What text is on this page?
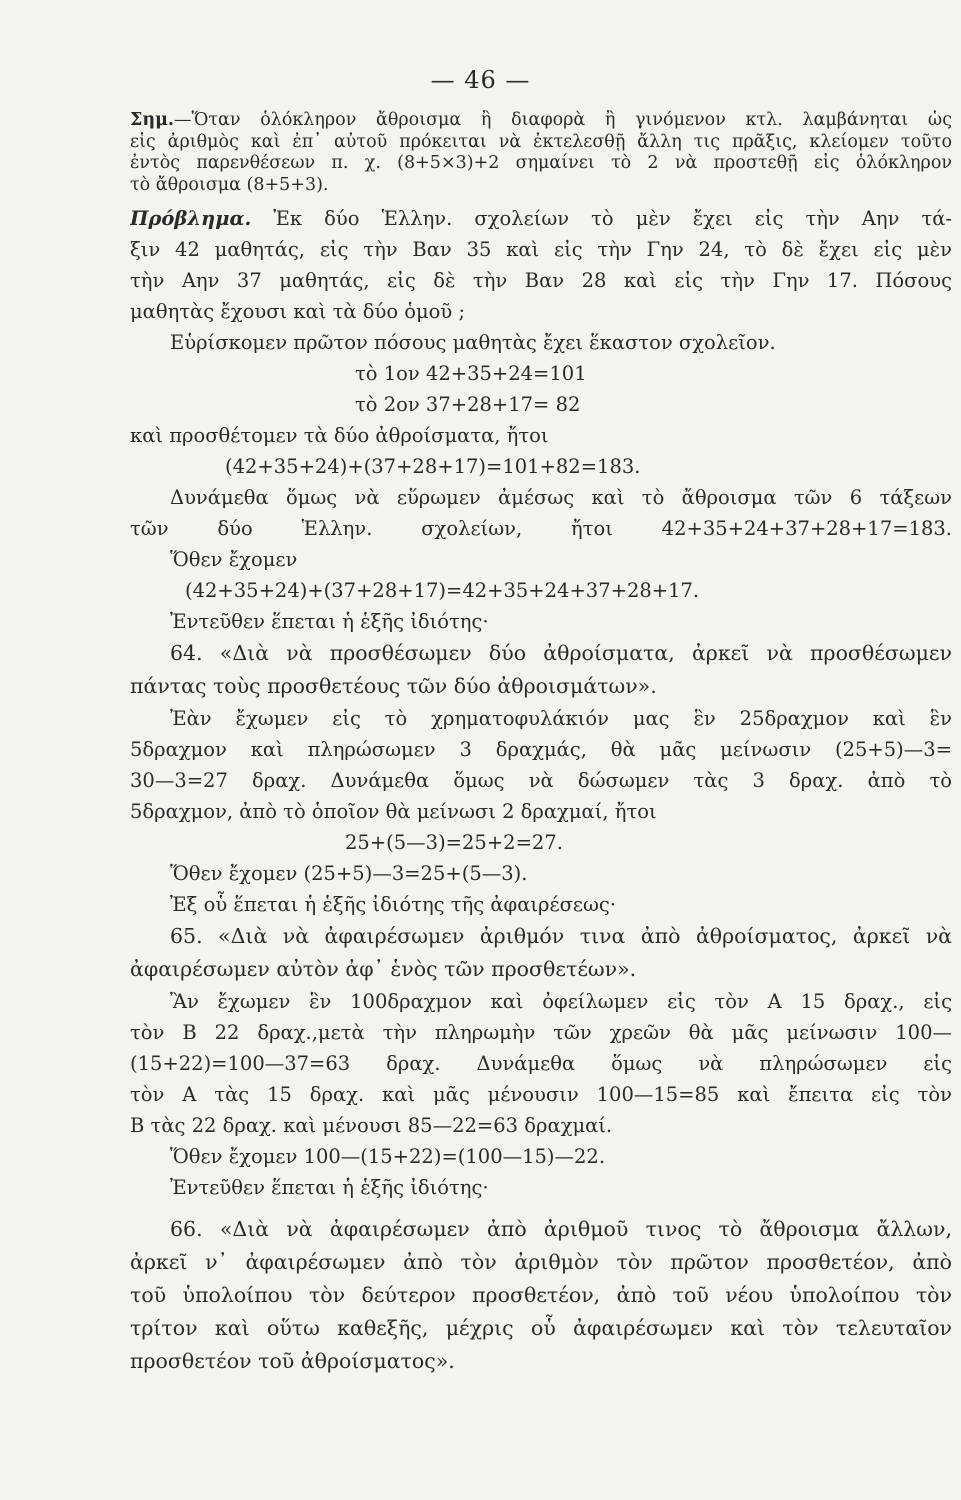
— 46 —
Σημ.—Ὅταν ὁλόκληρον ἄθροισμα ἢ διαφορὰ ἢ γινόμενον κτλ. λαμβάνηται ὡς
εἷς ἀριθμὸς καὶ ἐπ᾽ αὐτοῦ πρόκειται νὰ ἐκτελεσθῇ ἄλλη τις πρᾶξις, κλείομεν τοῦτο
ἐντὸς παρενθέσεων π. χ. (8+5×3)+2 σημαίνει τὸ 2 νὰ προστεθῇ εἰς ὁλόκληρον
τὸ ἄθροισμα (8+5+3).
Πρόβλημα. Ἐκ δύο Ἑλλην. σχολείων τὸ μὲν ἔχει εἰς τὴν Αην τά-
ξιν 42 μαθητάς, εἰς τὴν Βαν 35 καὶ εἰς τὴν Γην 24, τὸ δὲ ἔχει εἰς μὲν
τὴν Αην 37 μαθητάς, εἰς δὲ τὴν Βαν 28 καὶ εἰς τὴν Γην 17. Πόσους
μαθητὰς ἔχουσι καὶ τὰ δύο ὁμοῦ ;
Εὑρίσκομεν πρῶτον πόσους μαθητὰς ἔχει ἕκαστον σχολεῖον.
τὸ 1ον 42+35+24=101
τὸ 2ον 37+28+17= 82
καὶ προσθέτομεν τὰ δύο ἀθροίσματα, ἤτοι
(42+35+24)+(37+28+17)=101+82=183.
Δυνάμεθα ὅμως νὰ εὕρωμεν ἀμέσως καὶ τὸ ἄθροισμα τῶν 6 τάξεων
τῶν δύο Ἑλλην. σχολείων, ἤτοι 42+35+24+37+28+17=183.
Ὅθεν ἔχομεν
(42+35+24)+(37+28+17)=42+35+24+37+28+17.
Ἐντεῦθεν ἕπεται ἡ ἑξῆς ἰδιότης·
64. «Διὰ νὰ προσθέσωμεν δύο ἀθροίσματα, ἀρκεῖ νὰ προσθέσωμεν
πάντας τοὺς προσθετέους τῶν δύο ἀθροισμάτων».
Ἐὰν ἔχωμεν εἰς τὸ χρηματοφυλάκιόν μας ἓν 25δραχμον καὶ ἓν
5δραχμον καὶ πληρώσωμεν 3 δραχμάς, θὰ μᾶς μείνωσιν (25+5)—3=
30—3=27 δραχ. Δυνάμεθα ὅμως νὰ δώσωμεν τὰς 3 δραχ. ἀπὸ τὸ
5δραχμον, ἀπὸ τὸ ὁποῖον θὰ μείνωσι 2 δραχμαί, ἤτοι
25+(5—3)=25+2=27.
Ὅθεν ἔχομεν (25+5)—3=25+(5—3).
Ἐξ οὗ ἕπεται ἡ ἑξῆς ἰδιότης τῆς ἀφαιρέσεως·
65. «Διὰ νὰ ἀφαιρέσωμεν ἀριθμόν τινα ἀπὸ ἀθροίσματος, ἀρκεῖ νὰ
ἀφαιρέσωμεν αὐτὸν ἀφ᾽ ἑνὸς τῶν προσθετέων».
Ἂν ἔχωμεν ἓν 100δραχμον καὶ ὀφείλωμεν εἰς τὸν Α 15 δραχ., εἰς
τὸν Β 22 δραχ.,μετὰ τὴν πληρωμὴν τῶν χρεῶν θὰ μᾶς μείνωσιν 100—
(15+22)=100—37=63 δραχ. Δυνάμεθα ὅμως νὰ πληρώσωμεν εἰς
τὸν Α τὰς 15 δραχ. καὶ μᾶς μένουσιν 100—15=85 καὶ ἔπειτα εἰς τὸν
Β τὰς 22 δραχ. καὶ μένουσι 85—22=63 δραχμαί.
Ὅθεν ἔχομεν 100—(15+22)=(100—15)—22.
Ἐντεῦθεν ἕπεται ἡ ἑξῆς ἰδιότης·
66. «Διὰ νὰ ἀφαιρέσωμεν ἀπὸ ἀριθμοῦ τινος τὸ ἄθροισμα ἄλλων,
ἀρκεῖ ν᾽ ἀφαιρέσωμεν ἀπὸ τὸν ἀριθμὸν τὸν πρῶτον προσθετέον, ἀπὸ
τοῦ ὑπολοίπου τὸν δεύτερον προσθετέον, ἀπὸ τοῦ νέου ὑπολοίπου τὸν
τρίτον καὶ οὕτω καθεξῆς, μέχρις οὗ ἀφαιρέσωμεν καὶ τὸν τελευταῖον
προσθετέον τοῦ ἀθροίσματος».
